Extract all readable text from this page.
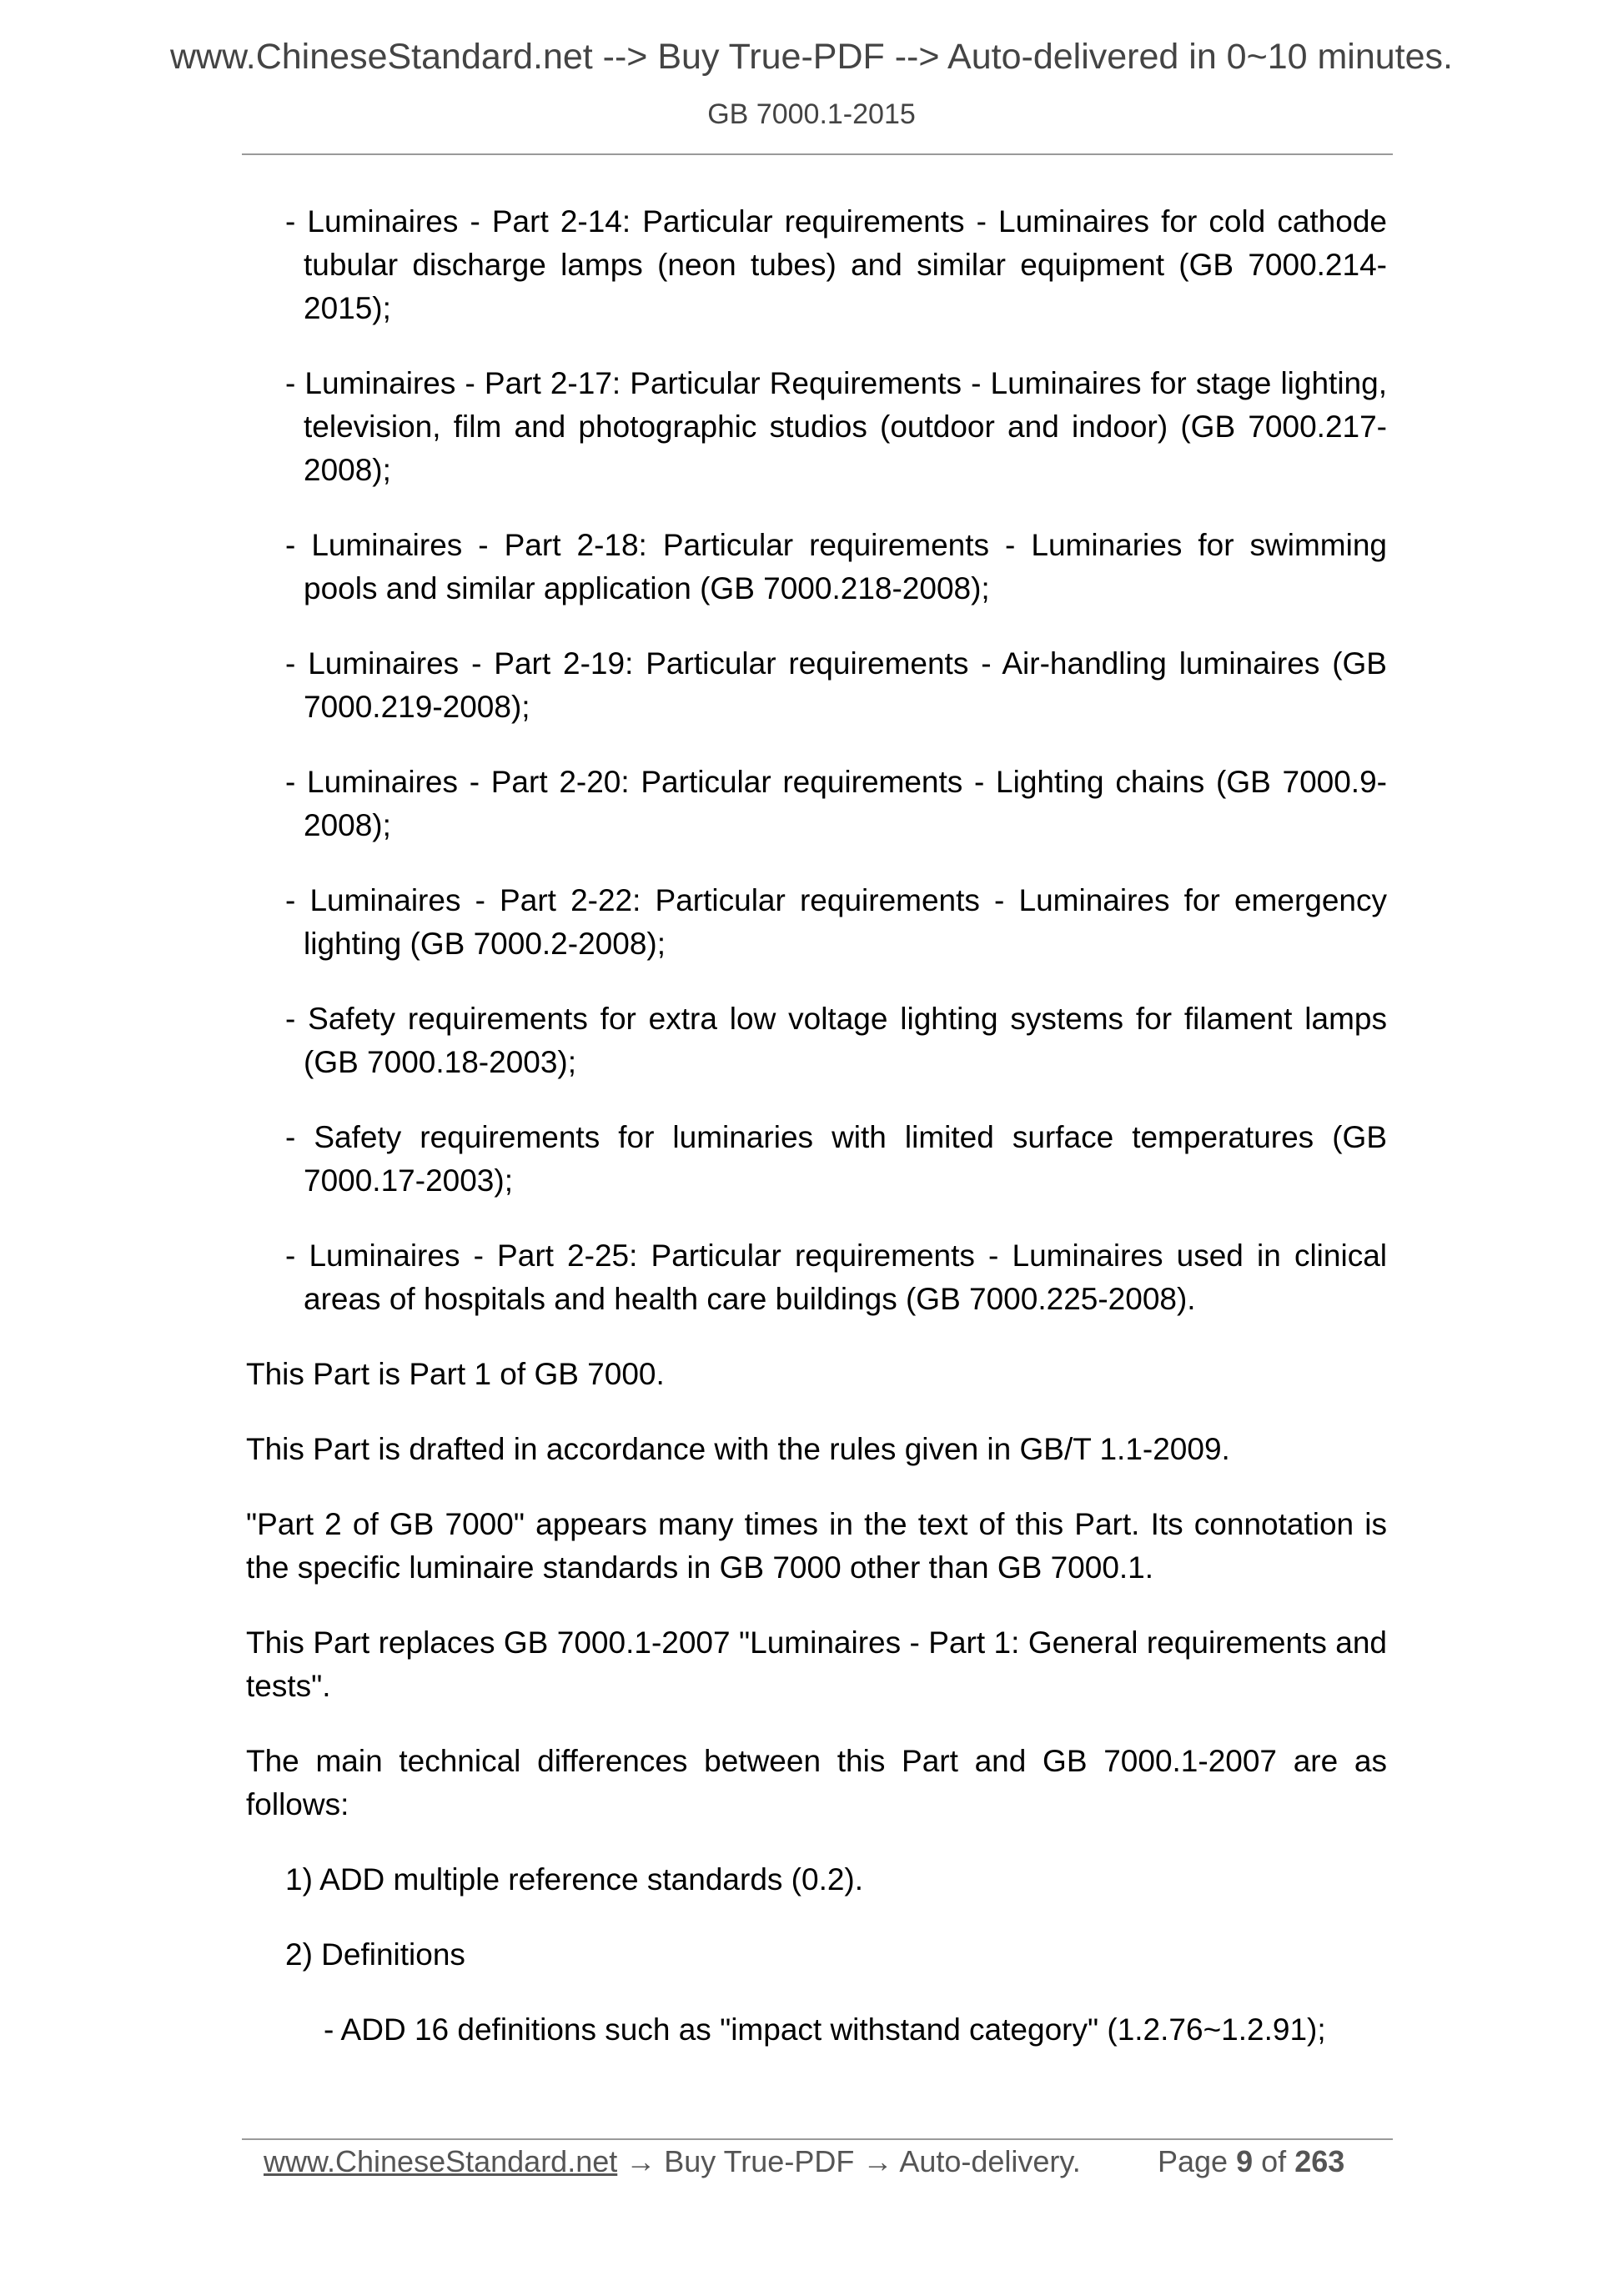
www.ChineseStandard.net --> Buy True-PDF --> Auto-delivered in 0~10 minutes.
GB 7000.1-2015
- Luminaires - Part 2-14: Particular requirements - Luminaires for cold cathode tubular discharge lamps (neon tubes) and similar equipment (GB 7000.214-2015);
- Luminaires - Part 2-17: Particular Requirements - Luminaires for stage lighting, television, film and photographic studios (outdoor and indoor) (GB 7000.217-2008);
- Luminaires - Part 2-18: Particular requirements - Luminaries for swimming pools and similar application (GB 7000.218-2008);
- Luminaires - Part 2-19: Particular requirements - Air-handling luminaires (GB 7000.219-2008);
- Luminaires - Part 2-20: Particular requirements - Lighting chains (GB 7000.9-2008);
- Luminaires - Part 2-22: Particular requirements - Luminaires for emergency lighting (GB 7000.2-2008);
- Safety requirements for extra low voltage lighting systems for filament lamps (GB 7000.18-2003);
- Safety requirements for luminaries with limited surface temperatures (GB 7000.17-2003);
- Luminaires - Part 2-25: Particular requirements - Luminaires used in clinical areas of hospitals and health care buildings (GB 7000.225-2008).
This Part is Part 1 of GB 7000.
This Part is drafted in accordance with the rules given in GB/T 1.1-2009.
"Part 2 of GB 7000" appears many times in the text of this Part. Its connotation is the specific luminaire standards in GB 7000 other than GB 7000.1.
This Part replaces GB 7000.1-2007 "Luminaires - Part 1: General requirements and tests".
The main technical differences between this Part and GB 7000.1-2007 are as follows:
1) ADD multiple reference standards (0.2).
2) Definitions
- ADD 16 definitions such as "impact withstand category" (1.2.76~1.2.91);
www.ChineseStandard.net → Buy True-PDF → Auto-delivery.	Page 9 of 263
